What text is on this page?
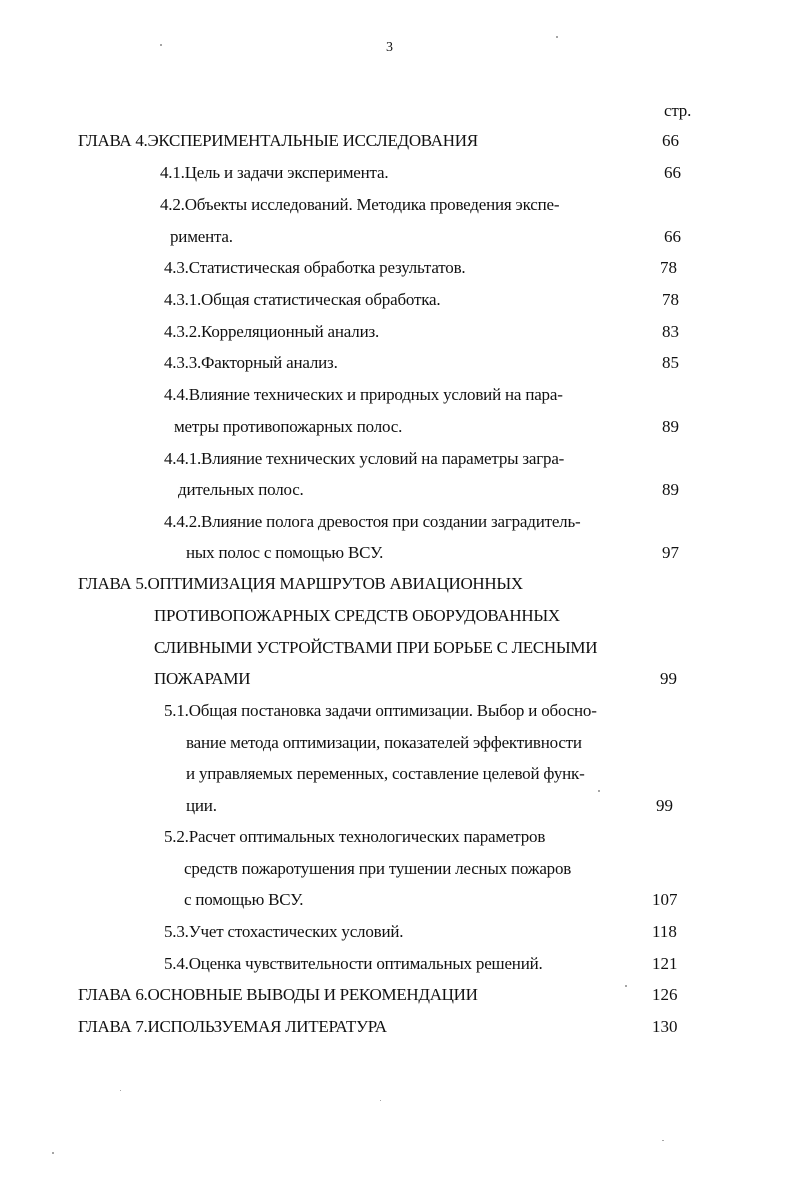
3
стр.
ГЛАВА 4.ЭКСПЕРИМЕНТАЛЬНЫЕ ИССЛЕДОВАНИЯ	66
4.1.Цель и задачи эксперимента.	66
4.2.Объекты исследований. Методика проведения экспе-
римента.	66
4.3.Статистическая обработка результатов.	78
4.3.1.Общая статистическая обработка.	78
4.3.2.Корреляционный анализ.	83
4.3.3.Факторный анализ.	85
4.4.Влияние технических и природных условий на пара-
метры противопожарных полос.	89
4.4.1.Влияние технических условий на параметры загра-
дительных полос.	89
4.4.2.Влияние полога древостоя при создании заградитель-
ных полос с помощью ВСУ.	97
ГЛАВА 5.ОПТИМИЗАЦИЯ МАРШРУТОВ АВИАЦИОННЫХ
ПРОТИВОПОЖАРНЫХ СРЕДСТВ ОБОРУДОВАННЫХ
СЛИВНЫМИ УСТРОЙСТВАМИ ПРИ БОРЬБЕ С ЛЕСНЫМИ
ПОЖАРАМИ	99
5.1.Общая постановка задачи оптимизации. Выбор и обосно-
вание метода оптимизации, показателей эффективности
и управляемых переменных, составление целевой функ-
ции.	99
5.2.Расчет оптимальных технологических параметров
средств пожаротушения при тушении лесных пожаров
с помощью ВСУ.	107
5.3.Учет стохастических условий.	118
5.4.Оценка чувствительности оптимальных решений.	121
ГЛАВА 6.ОСНОВНЫЕ ВЫВОДЫ И РЕКОМЕНДАЦИИ	126
ГЛАВА 7.ИСПОЛЬЗУЕМАЯ ЛИТЕРАТУРА	130
